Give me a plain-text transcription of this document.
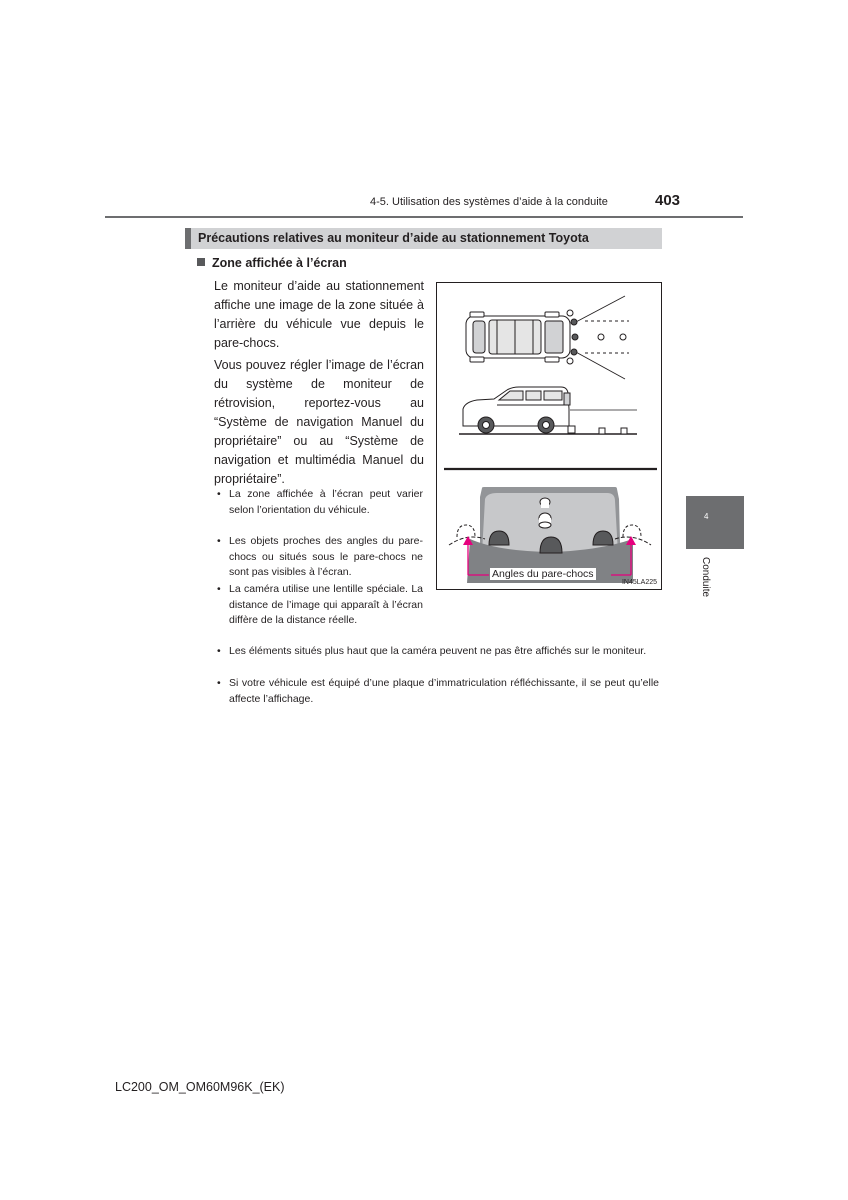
4-5. Utilisation des systèmes d’aide à la conduite	403
Précautions relatives au moniteur d’aide au stationnement Toyota
Zone affichée à l’écran

Le moniteur d’aide au stationnement affiche une image de la zone située à l’arrière du véhicule vue depuis le pare-chocs.

Vous pouvez régler l’image de l’écran du système de moniteur de rétrovision, reportez-vous au “Système de navigation Manuel du propriétaire” ou au “Système de navigation et multimédia Manuel du propriétaire”.

• La zone affichée à l’écran peut varier selon l’orientation du véhicule.
• Les objets proches des angles du pare-chocs ou situés sous le pare-chocs ne sont pas visibles à l’écran.
• La caméra utilise une lentille spéciale. La distance de l’image qui apparaît à l’écran diffère de la distance réelle.
• Les éléments situés plus haut que la caméra peuvent ne pas être affichés sur le moniteur.
• Si votre véhicule est équipé d’une plaque d’immatriculation réfléchissante, il se peut qu’elle affecte l’affichage.
Angles du pare-chocs
IN45LA225
4
Conduite
LC200_OM_OM60M96K_(EK)
